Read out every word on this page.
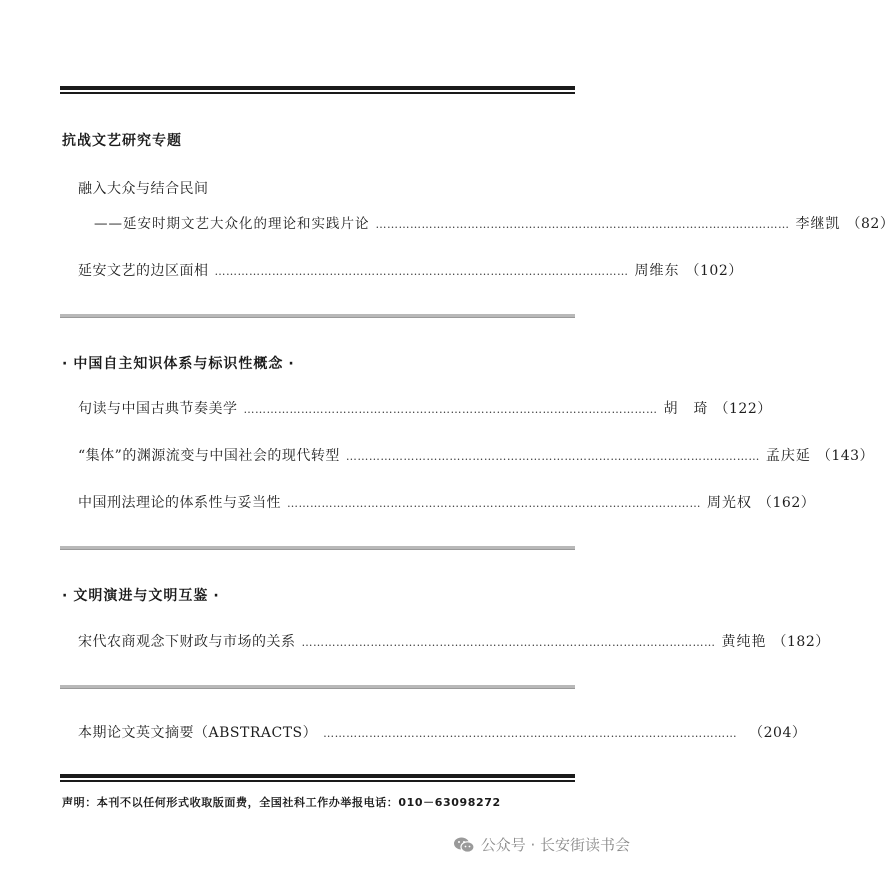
抗战文艺研究专题
融入大众与结合民间
——延安时期文艺大众化的理论和实践片论 ……………………………………………………………………………………………… 李继凯 （82）
延安文艺的边区面相 ……………………………………………………………………………………………… 周维东 （102）
· 中国自主知识体系与标识性概念 ·
句读与中国古典节奏美学 ……………………………………………………………………………………………… 胡　琦 （122）
“集体”的渊源流变与中国社会的现代转型 ……………………………………………………………………………………………… 孟庆延 （143）
中国刑法理论的体系性与妥当性 ……………………………………………………………………………………………… 周光权 （162）
· 文明演进与文明互鉴 ·
宋代农商观念下财政与市场的关系 ……………………………………………………………………………………………… 黄纯艳 （182）
本期论文英文摘要（ABSTRACTS） ……………………………………………………………………………………………… （204）
声明：本刊不以任何形式收取版面费，全国社科工作办举报电话：010－63098272
公众号 · 长安街读书会
